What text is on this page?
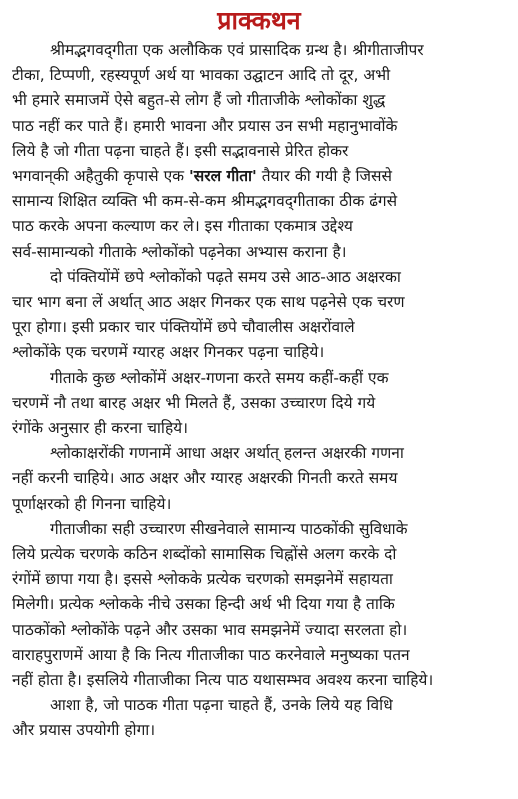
प्राक्कथन
श्रीमद्भगवद्‌गीता एक अलौकिक एवं प्रासादिक ग्रन्थ है। श्रीगीताजीपर
टीका, टिप्पणी, रहस्यपूर्ण अर्थ या भावका उद्घाटन आदि तो दूर, अभी
भी हमारे समाजमें ऐसे बहुत-से लोग हैं जो गीताजीके श्लोकोंका शुद्ध
पाठ नहीं कर पाते हैं। हमारी भावना और प्रयास उन सभी महानुभावोंके
लिये है जो गीता पढ़ना चाहते हैं। इसी सद्भावनासे प्रेरित होकर
भगवान्‌की अहैतुकी कृपासे एक 'सरल गीता' तैयार की गयी है जिससे
सामान्य शिक्षित व्यक्ति भी कम-से-कम श्रीमद्भगवद्‌गीताका ठीक ढंगसे
पाठ करके अपना कल्याण कर ले। इस गीताका एकमात्र उद्देश्य
सर्व-सामान्यको गीताके श्लोकोंको पढ़नेका अभ्यास कराना है।
दो पंक्तियोंमें छपे श्लोकोंको पढ़ते समय उसे आठ-आठ अक्षरका
चार भाग बना लें अर्थात् आठ अक्षर गिनकर एक साथ पढ़नेसे एक चरण
पूरा होगा। इसी प्रकार चार पंक्तियोंमें छपे चौवालीस अक्षरोंवाले
श्लोकोंके एक चरणमें ग्यारह अक्षर गिनकर पढ़ना चाहिये।
गीताके कुछ श्लोकोंमें अक्षर-गणना करते समय कहीं-कहीं एक
चरणमें नौ तथा बारह अक्षर भी मिलते हैं, उसका उच्चारण दिये गये
रंगोंके अनुसार ही करना चाहिये।
श्लोकाक्षरोंकी गणनामें आधा अक्षर अर्थात् हलन्त अक्षरकी गणना
नहीं करनी चाहिये। आठ अक्षर और ग्यारह अक्षरकी गिनती करते समय
पूर्णाक्षरको ही गिनना चाहिये।
गीताजीका सही उच्चारण सीखनेवाले सामान्य पाठकोंकी सुविधाके
लिये प्रत्येक चरणके कठिन शब्दोंको सामासिक चिह्नोंसे अलग करके दो
रंगोंमें छापा गया है। इससे श्लोकके प्रत्येक चरणको समझनेमें सहायता
मिलेगी। प्रत्येक श्लोकके नीचे उसका हिन्दी अर्थ भी दिया गया है ताकि
पाठकोंको श्लोकोंके पढ़ने और उसका भाव समझनेमें ज्यादा सरलता हो।
वाराहपुराणमें आया है कि नित्य गीताजीका पाठ करनेवाले मनुष्यका पतन
नहीं होता है। इसलिये गीताजीका नित्य पाठ यथासम्भव अवश्य करना चाहिये।
आशा है, जो पाठक गीता पढ़ना चाहते हैं, उनके लिये यह विधि
और प्रयास उपयोगी होगा।
